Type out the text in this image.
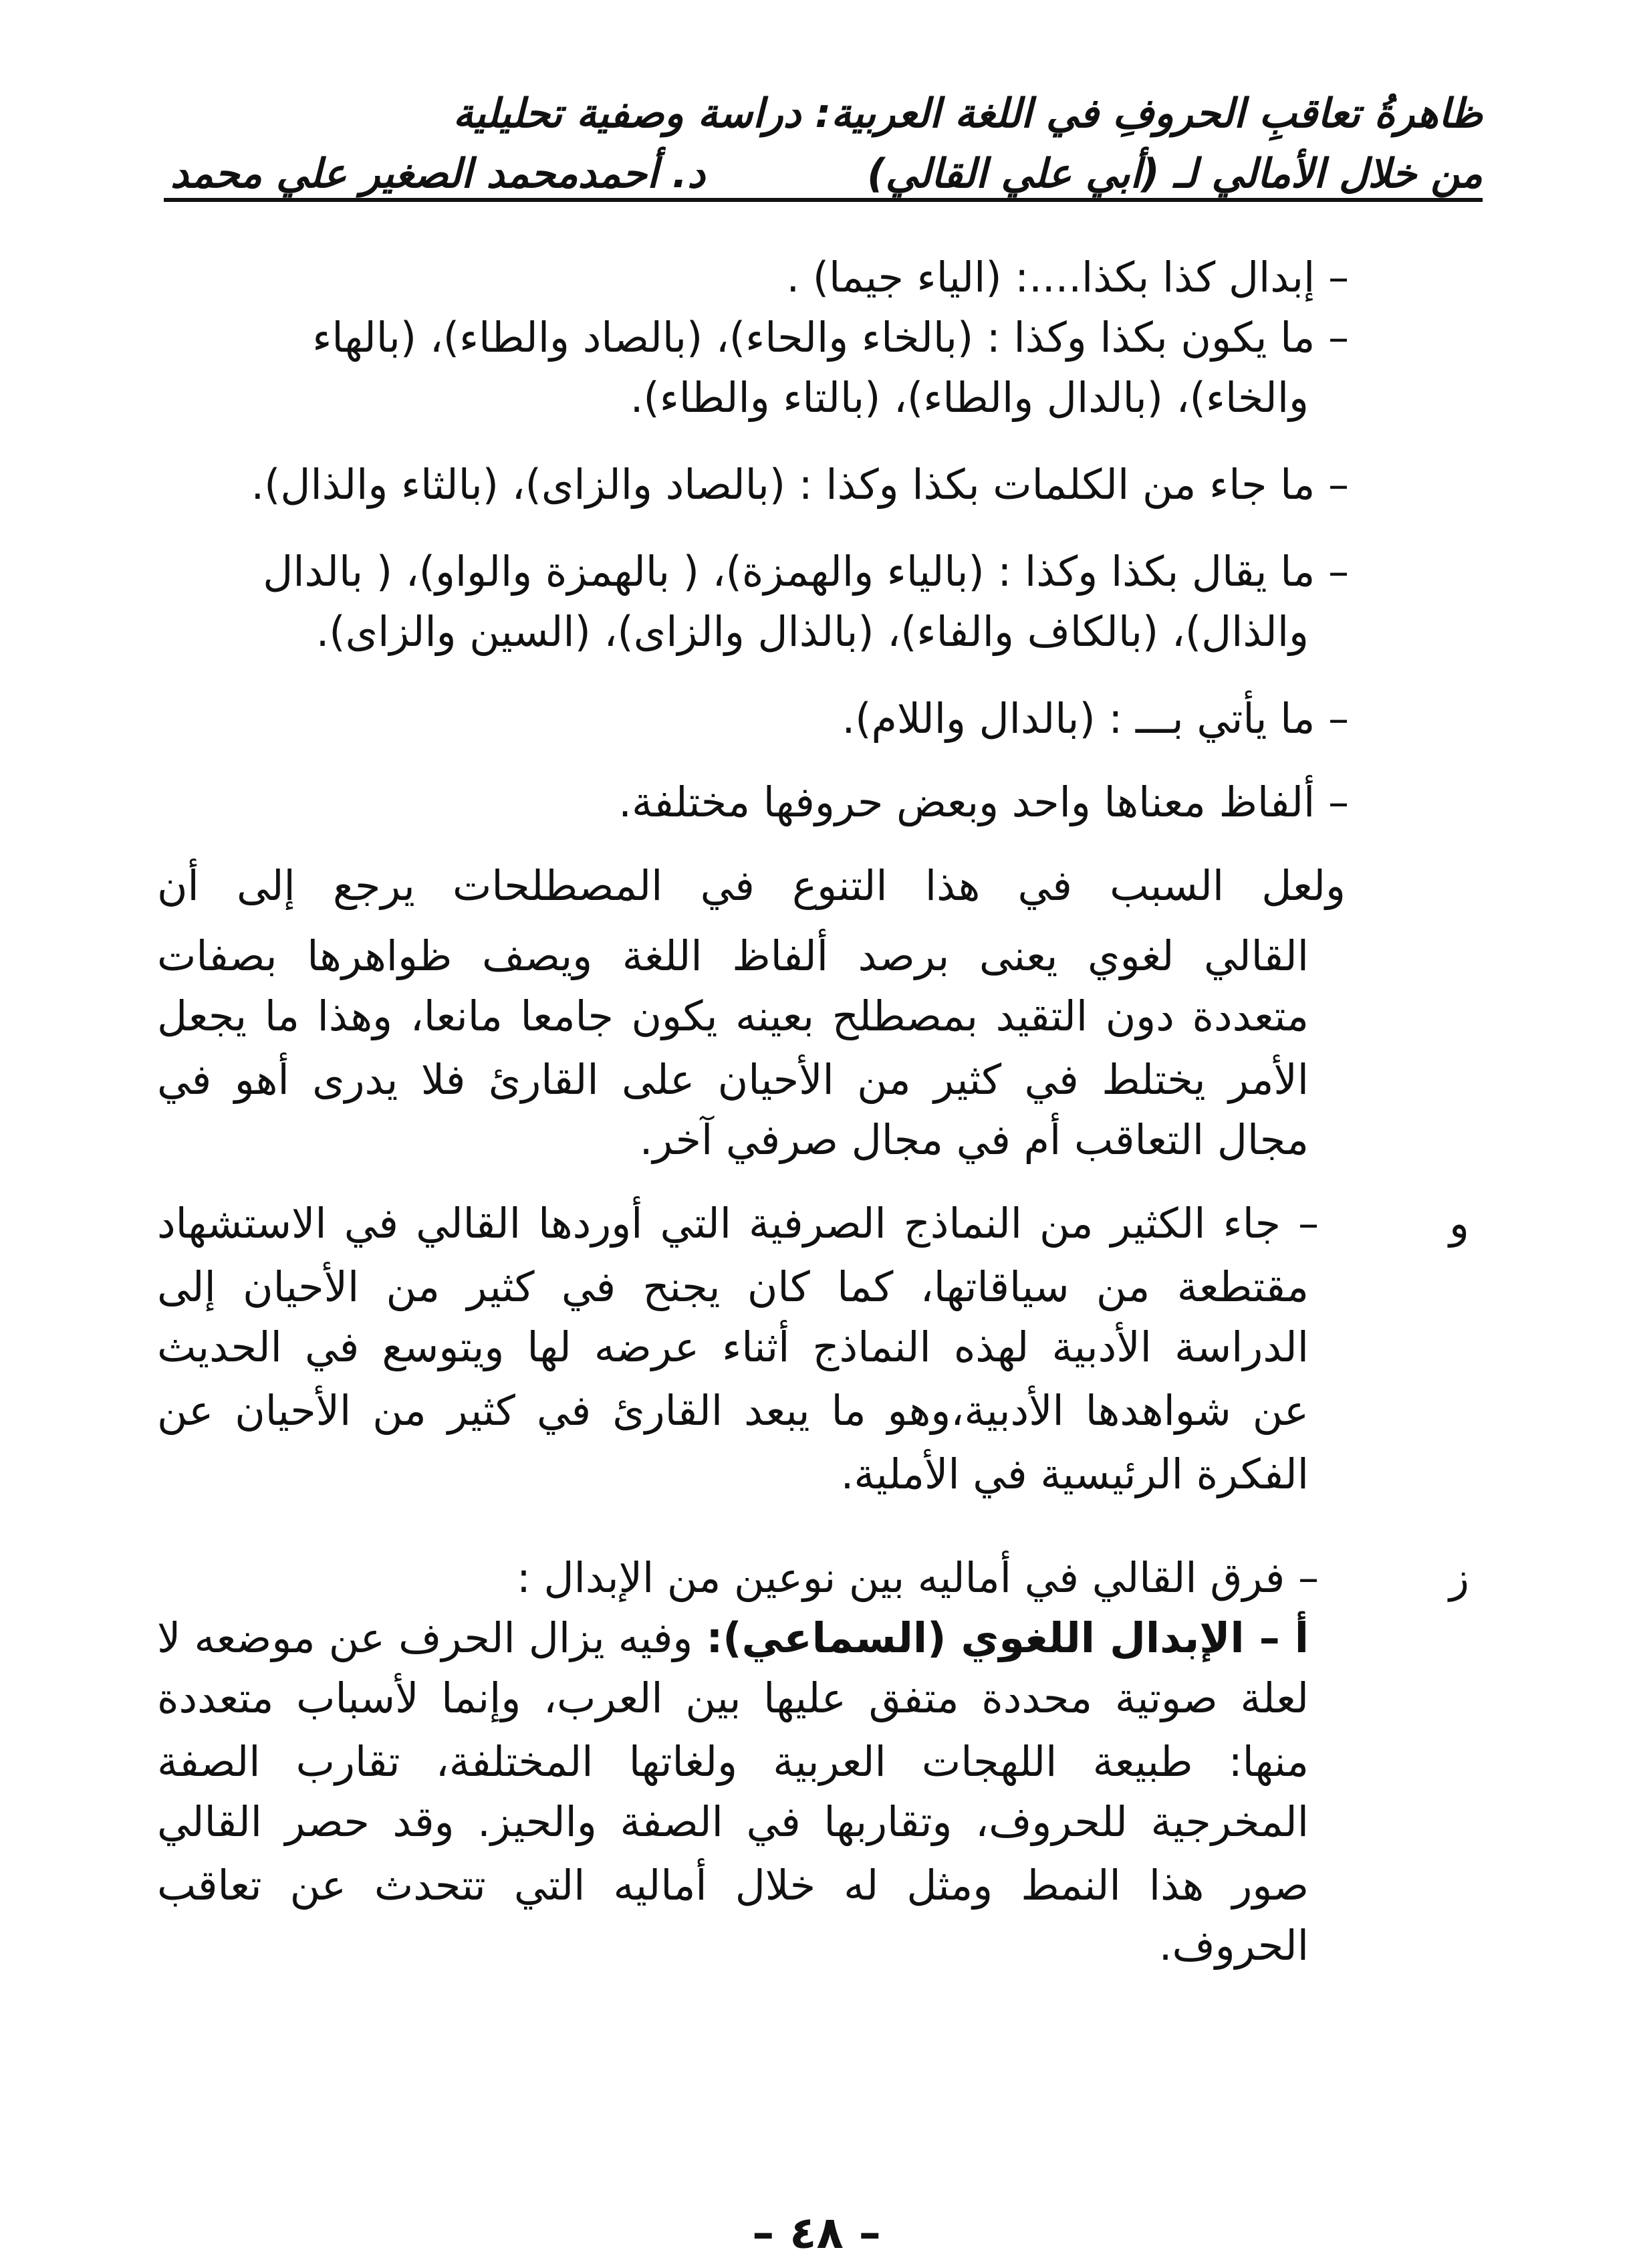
ظاهرةُ تعاقبِ الحروفِ في اللغة العربية: دراسة وصفية تحليلية
من خلال الأمالي لـ (أبي علي القالي)
د. أحمدمحمد الصغير علي محمد
– إبدال كذا بكذا....: (الياء جيما) .
– ما يكون بكذا وكذا : (بالخاء والحاء)، (بالصاد والطاء)، (بالهاء
والخاء)، (بالدال والطاء)، (بالتاء والطاء).
– ما جاء من الكلمات بكذا وكذا : (بالصاد والزاى)، (بالثاء والذال).
– ما يقال بكذا وكذا : (بالياء والهمزة)، ( بالهمزة والواو)، ( بالدال
والذال)، (بالكاف والفاء)، (بالذال والزاى)، (السين والزاى).
– ما يأتي بـــ : (بالدال واللام).
– ألفاظ معناها واحد وبعض حروفها مختلفة.
ولعل السبب في هذا التنوع في المصطلحات يرجع إلى أن
القالي لغوي يعنى برصد ألفاظ اللغة ويصف ظواهرها بصفات
متعددة دون التقيد بمصطلح بعينه يكون جامعا مانعا، وهذا ما يجعل
الأمر يختلط في كثير من الأحيان على القارئ فلا يدرى أهو في
مجال التعاقب أم في مجال صرفي آخر.
و
– جاء الكثير من النماذج الصرفية التي أوردها القالي في الاستشهاد
مقتطعة من سياقاتها، كما كان يجنح في كثير من الأحيان إلى
الدراسة الأدبية لهذه النماذج أثناء عرضه لها ويتوسع في الحديث
عن شواهدها الأدبية،وهو ما يبعد القارئ في كثير من الأحيان عن
الفكرة الرئيسية في الأملية.
ز
– فرق القالي في أماليه بين نوعين من الإبدال :
أ – الإبدال اللغوي (السماعي): وفيه يزال الحرف عن موضعه لا
لعلة صوتية محددة متفق عليها بين العرب، وإنما لأسباب متعددة
منها: طبيعة اللهجات العربية ولغاتها المختلفة، تقارب الصفة
المخرجية للحروف، وتقاربها في الصفة والحيز. وقد حصر القالي
صور هذا النمط ومثل له خلال أماليه التي تتحدث عن تعاقب
الحروف.
– ٤٨ –
